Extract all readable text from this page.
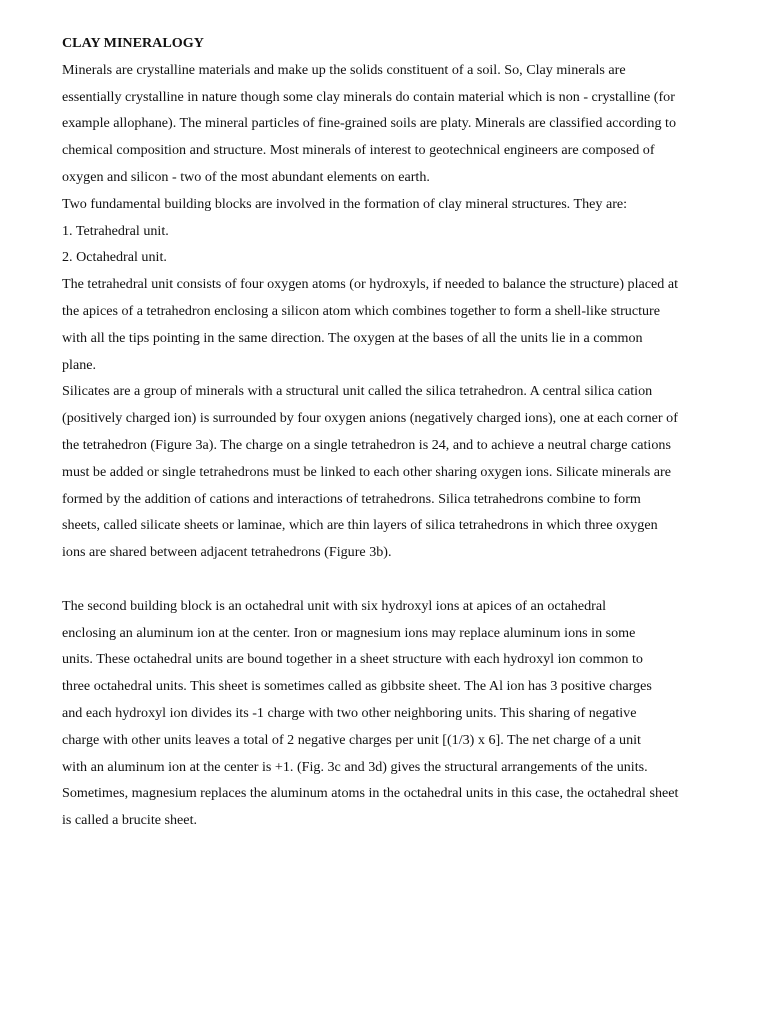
CLAY MINERALOGY

Minerals are crystalline materials and make up the solids constituent of a soil. So, Clay minerals are

essentially crystalline in nature though some clay minerals do contain material which is non - crystalline (for

example allophane). The mineral particles of fine-grained soils are platy. Minerals are classified according to

chemical composition and structure. Most minerals of interest to geotechnical engineers are composed of

oxygen and silicon - two of the most abundant elements on earth.

Two fundamental building blocks are involved in the formation of clay mineral structures. They are:

1. Tetrahedral unit.

2. Octahedral unit.

The tetrahedral unit consists of four oxygen atoms (or hydroxyls, if needed to balance the structure) placed at

the apices of a tetrahedron enclosing a silicon atom which combines together to form a shell-like structure

with all the tips pointing in the same direction. The oxygen at the bases of all the units lie in a common

plane.

Silicates are a group of minerals with a structural unit called the silica tetrahedron. A central silica cation

(positively charged ion) is surrounded by four oxygen anions (negatively charged ions), one at each corner of

the tetrahedron (Figure 3a). The charge on a single tetrahedron is 24, and to achieve a neutral charge cations

must be added or single tetrahedrons must be linked to each other sharing oxygen ions. Silicate minerals are

formed by the addition of cations and interactions of tetrahedrons. Silica tetrahedrons combine to form

sheets, called silicate sheets or laminae, which are thin layers of silica tetrahedrons in which three oxygen

ions are shared between adjacent tetrahedrons (Figure 3b).

The second building block is an octahedral unit with six hydroxyl ions at apices of an octahedral

enclosing an aluminum ion at the center. Iron or magnesium ions may replace aluminum ions in some

units. These octahedral units are bound together in a sheet structure with each hydroxyl ion common to

three octahedral units. This sheet is sometimes called as gibbsite sheet. The Al ion has 3 positive charges

and each hydroxyl ion divides its -1 charge with two other neighboring units. This sharing of negative

charge with other units leaves a total of 2 negative charges per unit [(1/3) x 6]. The net charge of a unit

with an aluminum ion at the center is +1. (Fig. 3c and 3d) gives the structural arrangements of the units.

Sometimes, magnesium replaces the aluminum atoms in the octahedral units in this case, the octahedral sheet

is called a brucite sheet.
